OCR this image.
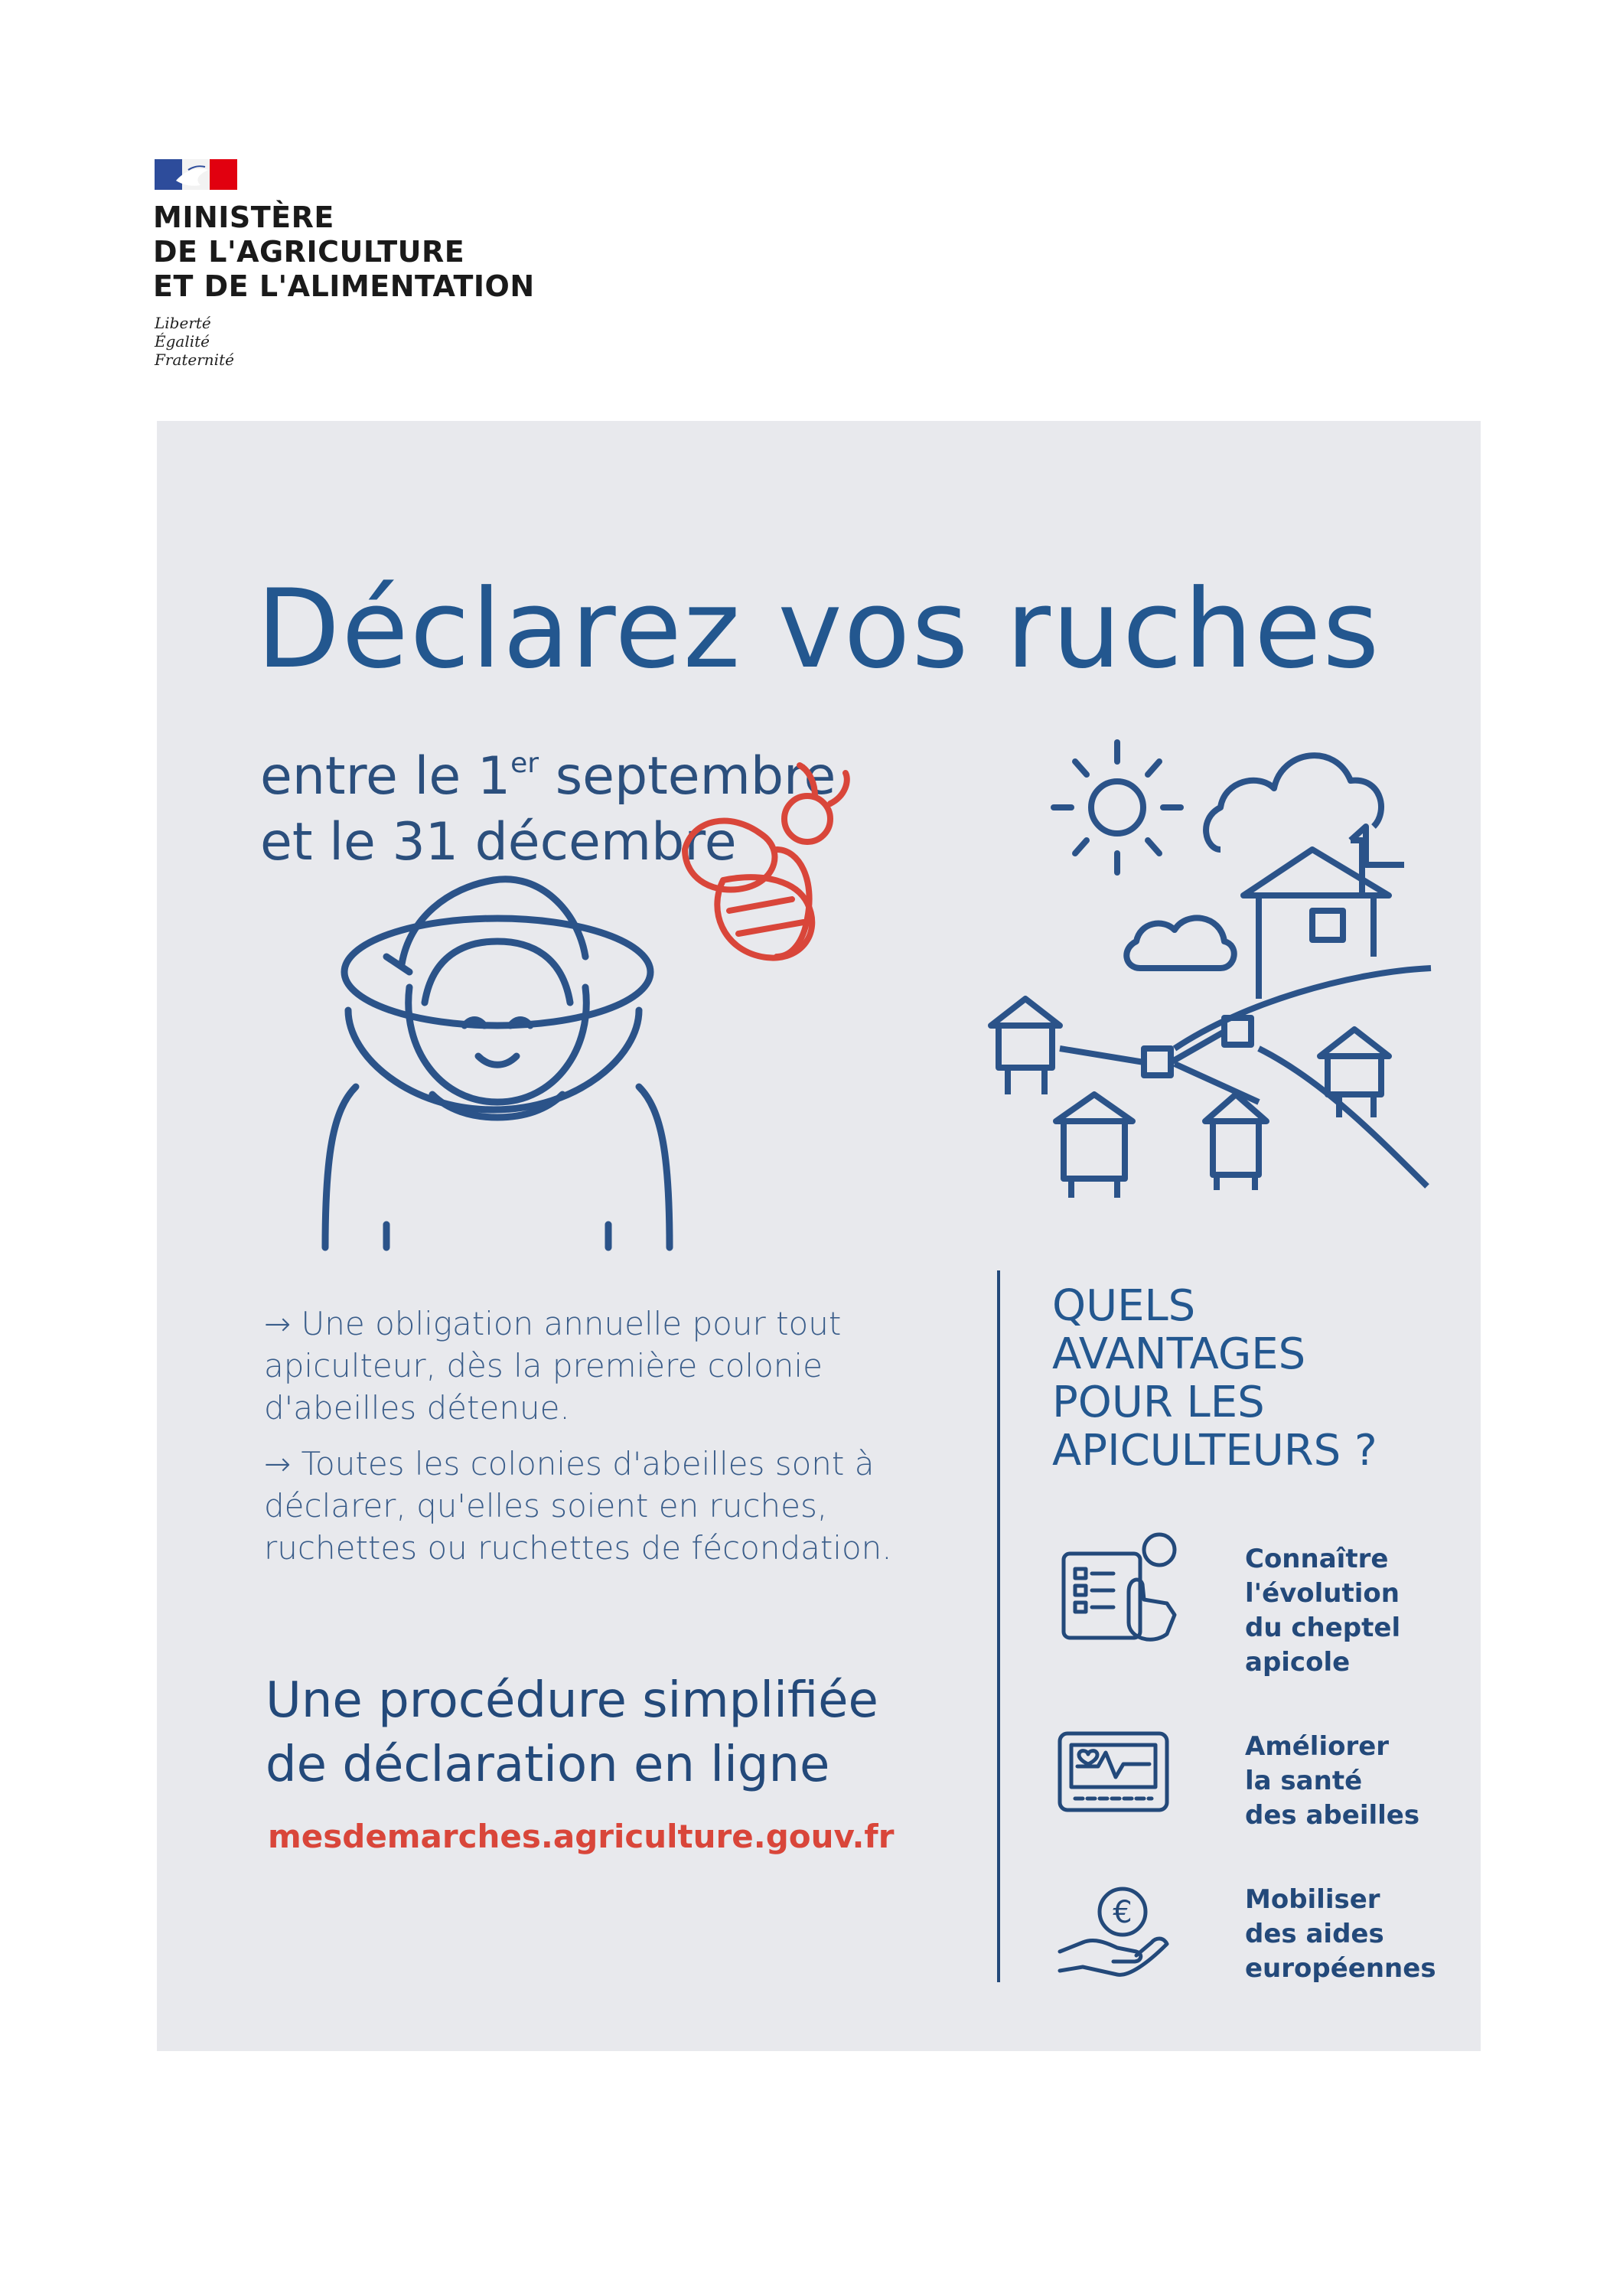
MINISTÈRE
DE L'AGRICULTURE
ET DE L'ALIMENTATION
Liberté
Égalité
Fraternité
Déclarez vos ruches
entre le 1er septembre
et le 31 décembre

→ Une obligation annuelle pour tout apiculteur, dès la première colonie d'abeilles détenue.

→ Toutes les colonies d'abeilles sont à déclarer, qu'elles soient en ruches, ruchettes ou ruchettes de fécondation.

Une procédure simplifiée
de déclaration en ligne
mesdemarches.agriculture.gouv.fr
QUELS
AVANTAGES
POUR LES
APICULTEURS ?
Connaître
l'évolution
du cheptel
apicole
Améliorer
la santé
des abeilles
€	Mobiliser
des aides
européennes
